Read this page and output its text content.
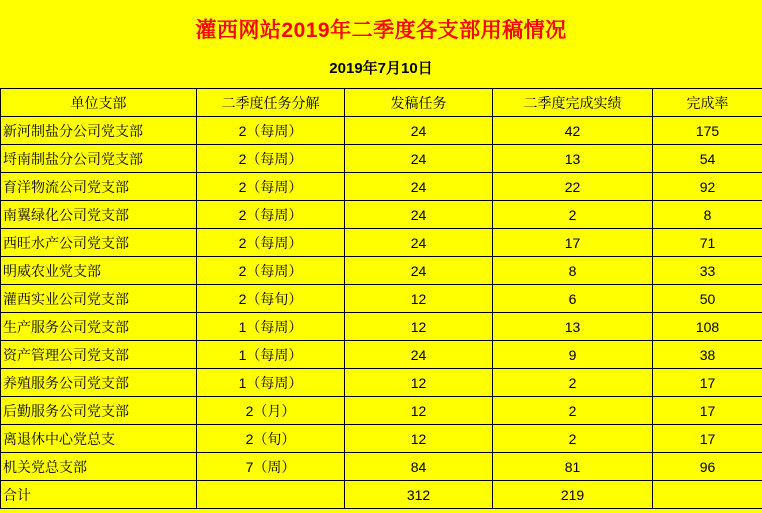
灌西网站2019年二季度各支部用稿情况
2019年7月10日
单位支部	二季度任务分解	发稿任务	二季度完成实绩	完成率
新河制盐分公司党支部	2（每周）	24	42	175
埒南制盐分公司党支部	2（每周）	24	13	54
育洋物流公司党支部	2（每周）	24	22	92
南翼绿化公司党支部	2（每周）	24	2	8
西旺水产公司党支部	2（每周）	24	17	71
明威农业党支部	2（每周）	24	8	33
灌西实业公司党支部	2（每旬）	12	6	50
生产服务公司党支部	1（每周）	12	13	108
资产管理公司党支部	1（每周）	24	9	38
养殖服务公司党支部	1（每周）	12	2	17
后勤服务公司党支部	2（月）	12	2	17
离退休中心党总支	2（旬）	12	2	17
机关党总支部	7（周）	84	81	96
合计		312	219	
